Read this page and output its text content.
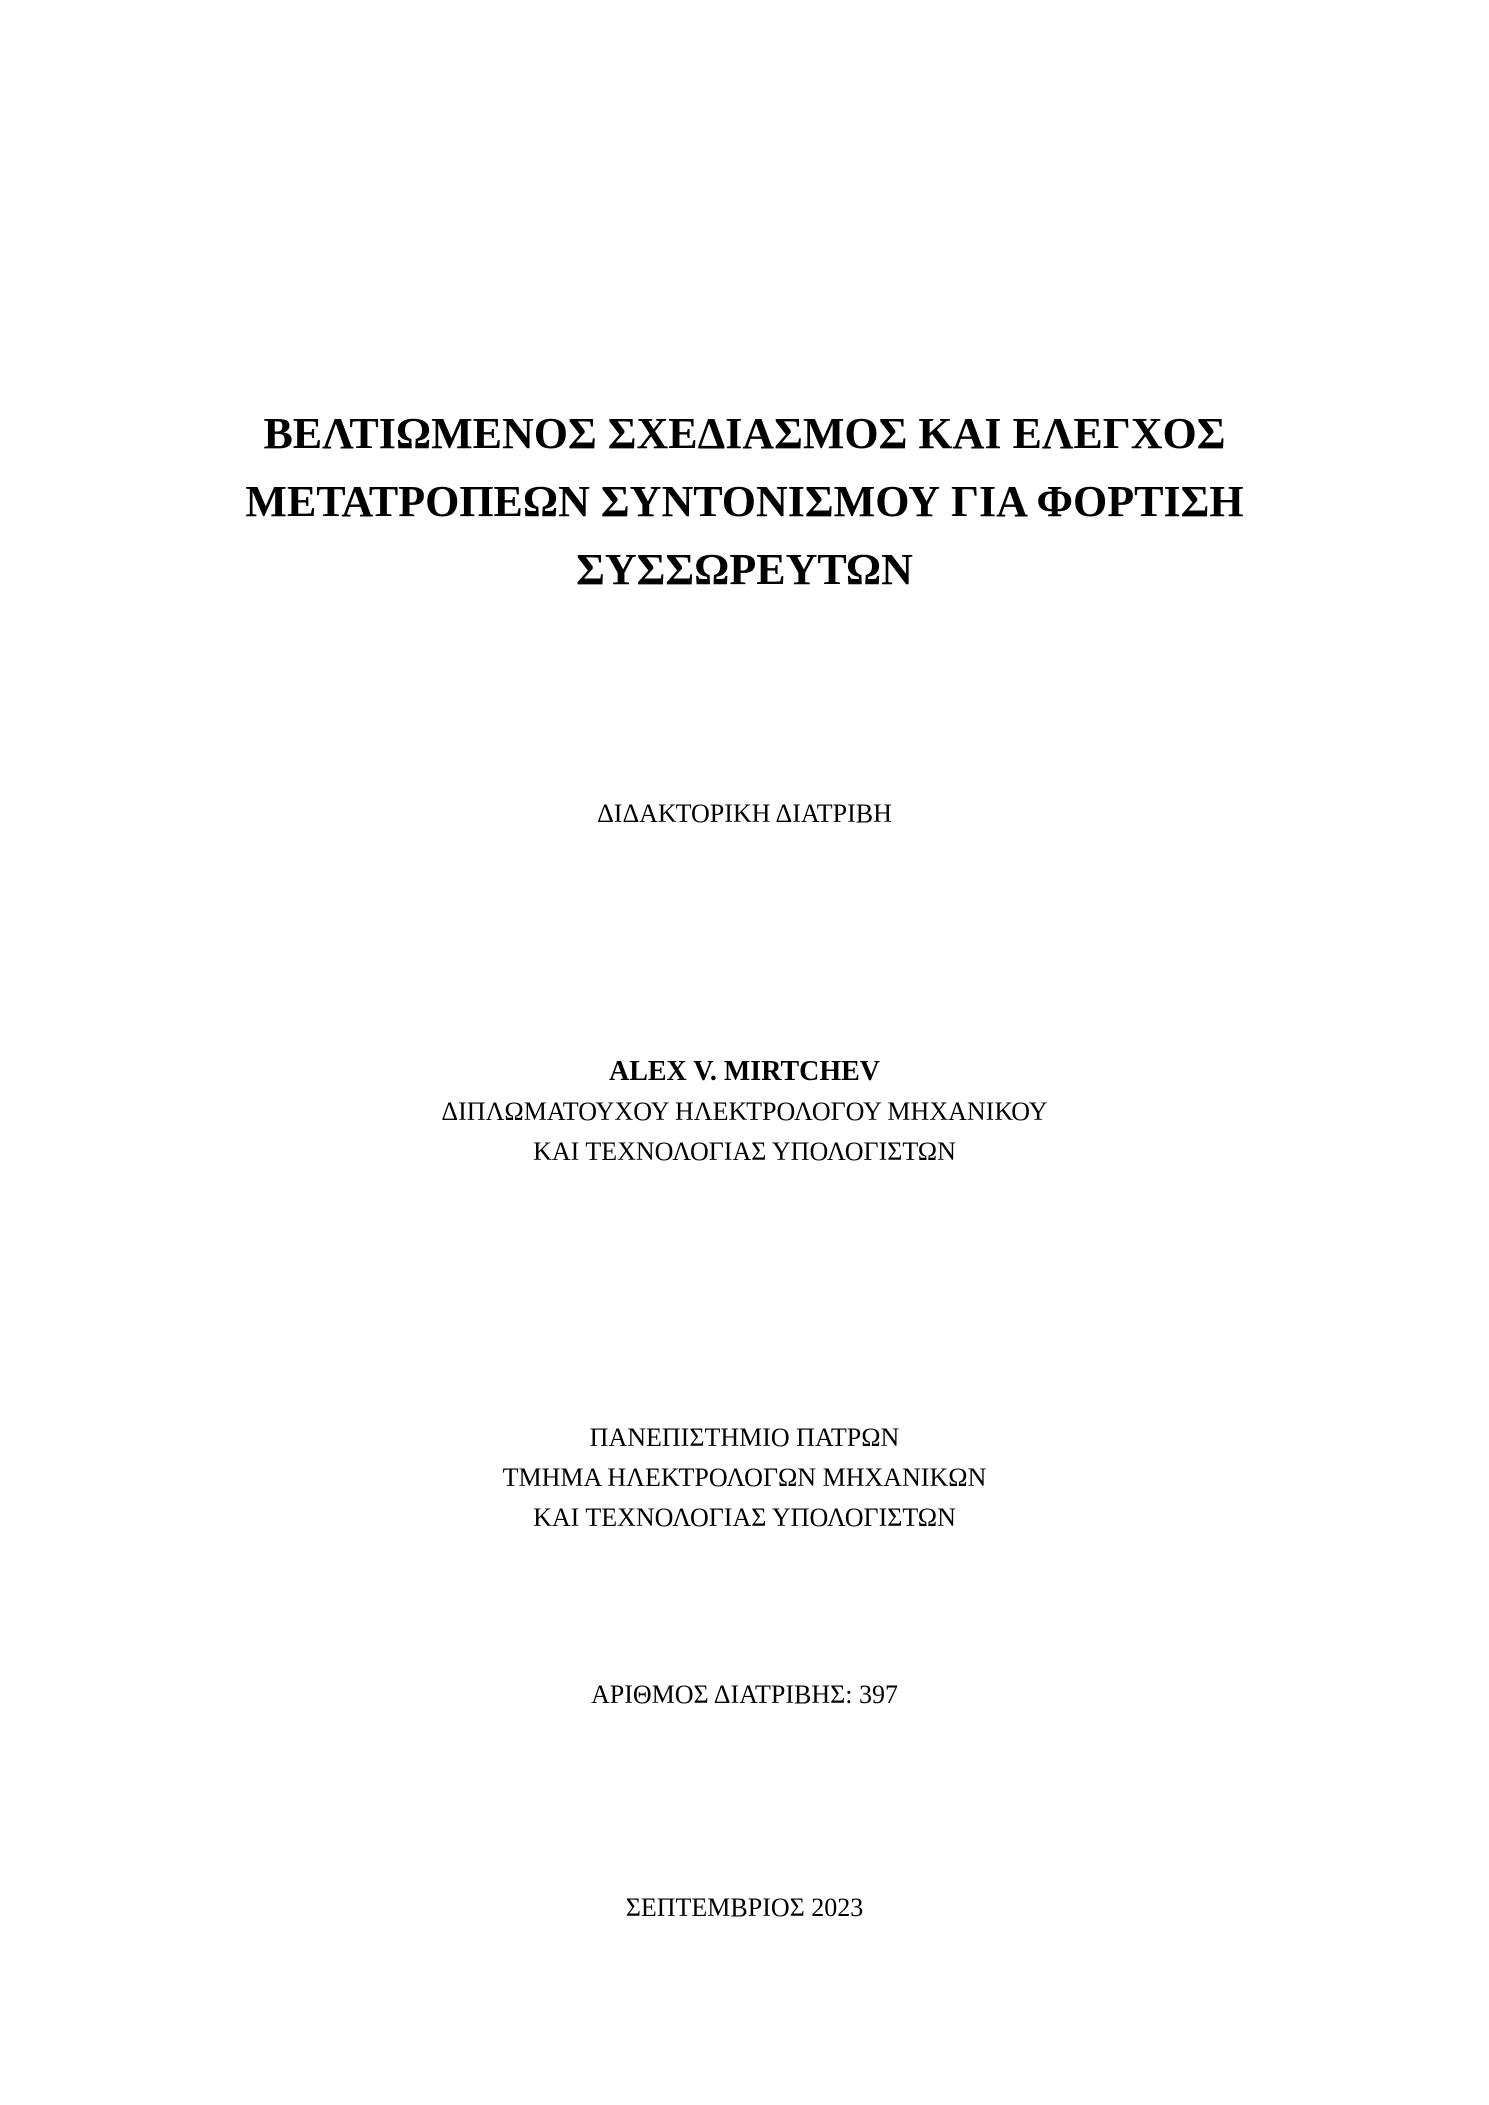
ΒΕΛΤΙΩΜΕΝΟΣ ΣΧΕΔΙΑΣΜΟΣ ΚΑΙ ΕΛΕΓΧΟΣ
ΜΕΤΑΤΡΟΠΕΩΝ ΣΥΝΤΟΝΙΣΜΟΥ ΓΙΑ ΦΟΡΤΙΣΗ
ΣΥΣΣΩΡΕΥΤΩΝ
ΔΙΔΑΚΤΟΡΙΚΗ ΔΙΑΤΡΙΒΗ
ALEX V. MIRTCHEV
ΔΙΠΛΩΜΑΤΟΥΧΟΥ ΗΛΕΚΤΡΟΛΟΓΟΥ ΜΗΧΑΝΙΚΟΥ
ΚΑΙ ΤΕΧΝΟΛΟΓΙΑΣ ΥΠΟΛΟΓΙΣΤΩΝ
ΠΑΝΕΠΙΣΤΗΜΙΟ ΠΑΤΡΩΝ
ΤΜΗΜΑ ΗΛΕΚΤΡΟΛΟΓΩΝ ΜΗΧΑΝΙΚΩΝ
ΚΑΙ ΤΕΧΝΟΛΟΓΙΑΣ ΥΠΟΛΟΓΙΣΤΩΝ
ΑΡΙΘΜΟΣ ΔΙΑΤΡΙΒΗΣ: 397
ΣΕΠΤΕΜΒΡΙΟΣ 2023
